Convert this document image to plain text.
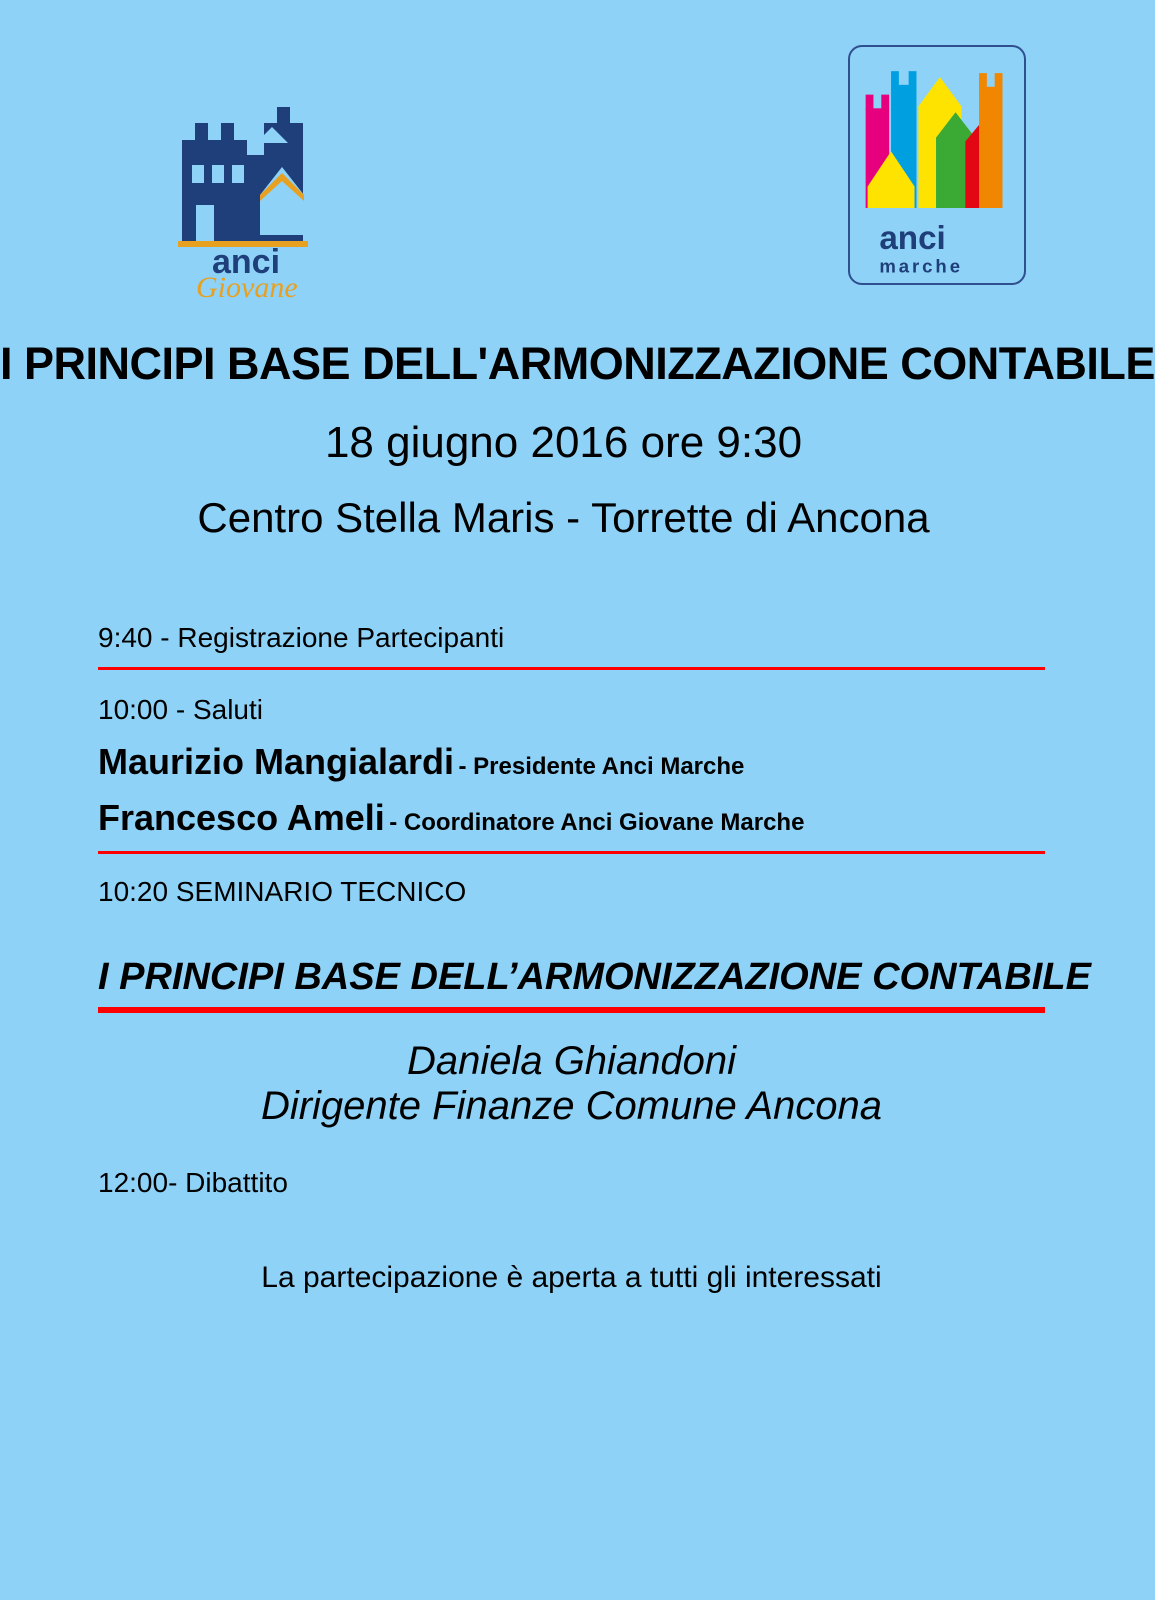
anci
Giovane
anci
marche
I PRINCIPI BASE DELL'ARMONIZZAZIONE CONTABILE
18 giugno 2016 ore 9:30
Centro Stella Maris - Torrette di Ancona
9:40 - Registrazione Partecipanti
10:00 - Saluti
Maurizio Mangialardi - Presidente Anci Marche
Francesco Ameli - Coordinatore Anci Giovane Marche
10:20 SEMINARIO TECNICO
I PRINCIPI BASE DELL’ARMONIZZAZIONE CONTABILE
Daniela Ghiandoni
Dirigente Finanze Comune Ancona
12:00- Dibattito
La partecipazione è aperta a tutti gli interessati
